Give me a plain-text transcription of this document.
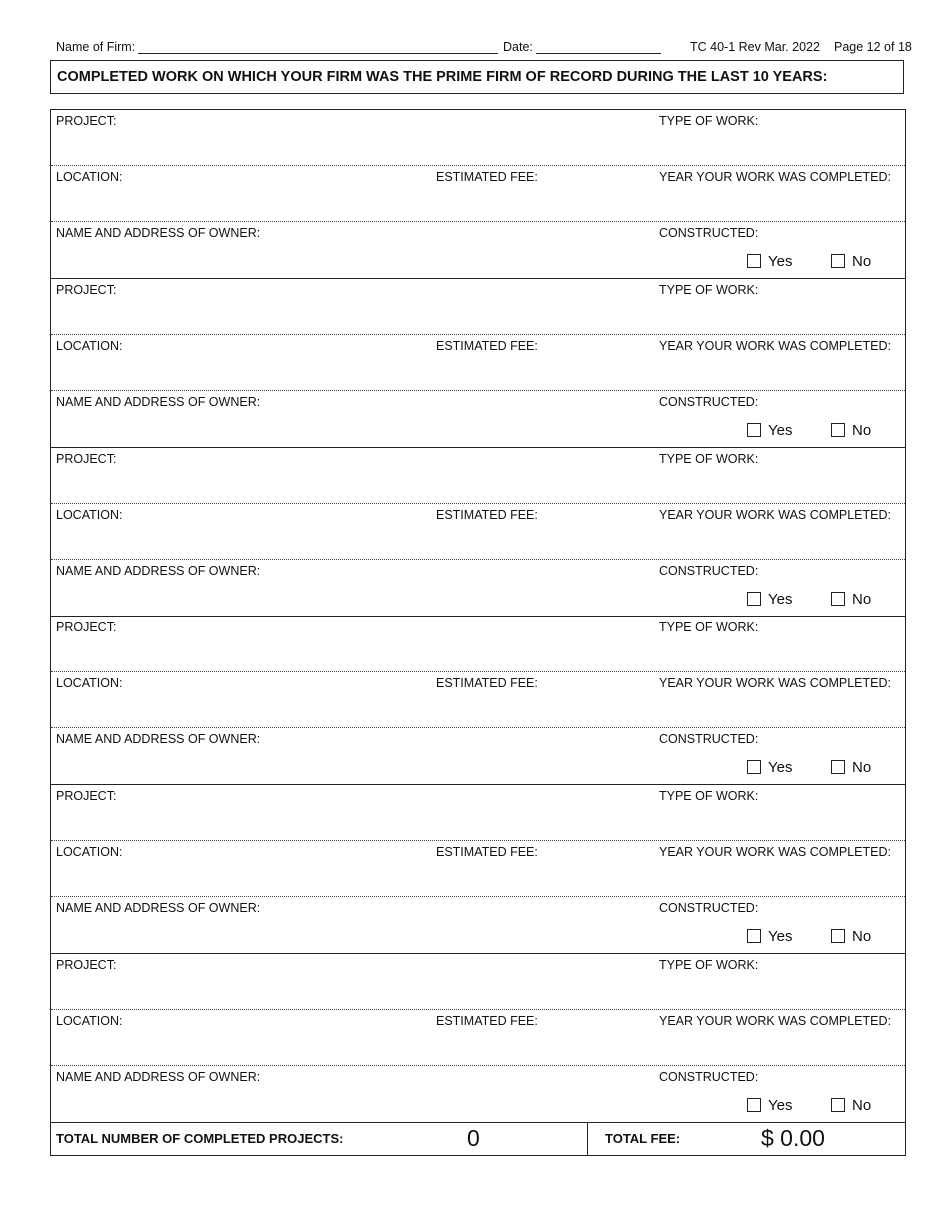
Name of Firm:	Date:	TC 40-1 Rev Mar. 2022 Page 12 of 18
COMPLETED WORK ON WHICH YOUR FIRM WAS THE PRIME FIRM OF RECORD DURING THE LAST 10 YEARS:
PROJECT:	TYPE OF WORK:
LOCATION:	ESTIMATED FEE:	YEAR YOUR WORK WAS COMPLETED:
NAME AND ADDRESS OF OWNER:	CONSTRUCTED:
Yes	No
PROJECT:	TYPE OF WORK:
LOCATION:	ESTIMATED FEE:	YEAR YOUR WORK WAS COMPLETED:
NAME AND ADDRESS OF OWNER:	CONSTRUCTED:
Yes	No
PROJECT:	TYPE OF WORK:
LOCATION:	ESTIMATED FEE:	YEAR YOUR WORK WAS COMPLETED:
NAME AND ADDRESS OF OWNER:	CONSTRUCTED:
Yes	No
PROJECT:	TYPE OF WORK:
LOCATION:	ESTIMATED FEE:	YEAR YOUR WORK WAS COMPLETED:
NAME AND ADDRESS OF OWNER:	CONSTRUCTED:
Yes	No
PROJECT:	TYPE OF WORK:
LOCATION:	ESTIMATED FEE:	YEAR YOUR WORK WAS COMPLETED:
NAME AND ADDRESS OF OWNER:	CONSTRUCTED:
Yes	No
PROJECT:	TYPE OF WORK:
LOCATION:	ESTIMATED FEE:	YEAR YOUR WORK WAS COMPLETED:
NAME AND ADDRESS OF OWNER:	CONSTRUCTED:
Yes	No
TOTAL NUMBER OF COMPLETED PROJECTS:	0	TOTAL FEE:	$ 0.00
